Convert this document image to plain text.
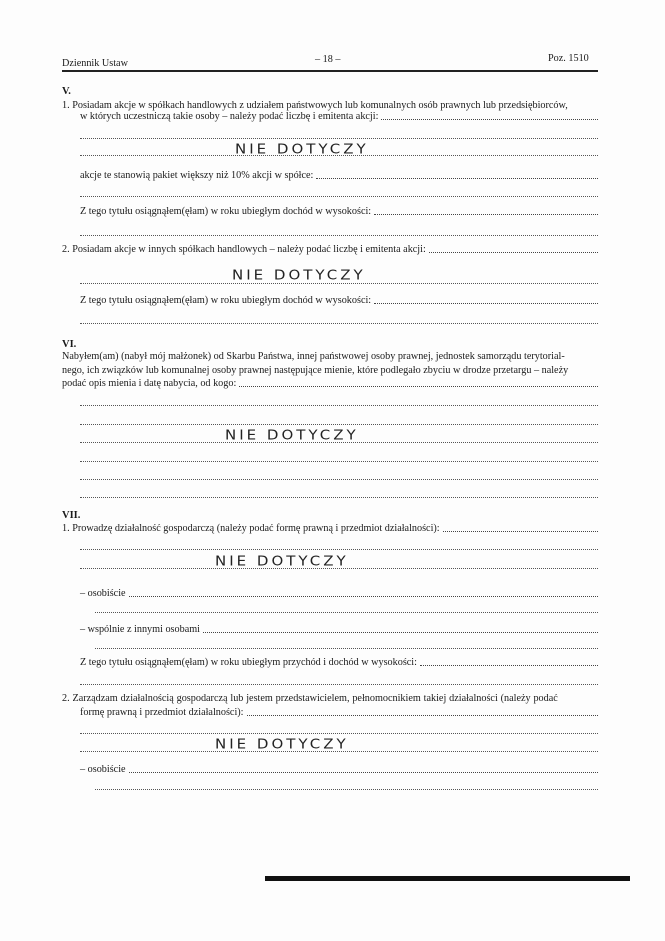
Dziennik Ustaw	– 18 –	Poz. 1510
V.
1. Posiadam akcje w spółkach handlowych z udziałem państwowych lub komunalnych osób prawnych lub przedsiębiorców,
w których uczestniczą takie osoby – należy podać liczbę i emitenta akcji:
NIE DOTYCZY
akcje te stanowią pakiet większy niż 10% akcji w spółce:
Z tego tytułu osiągnąłem(ęłam) w roku ubiegłym dochód w wysokości:
2. Posiadam akcje w innych spółkach handlowych – należy podać liczbę i emitenta akcji:
NIE DOTYCZY
Z tego tytułu osiągnąłem(ęłam) w roku ubiegłym dochód w wysokości:
VI.
Nabyłem(am) (nabył mój małżonek) od Skarbu Państwa, innej państwowej osoby prawnej, jednostek samorządu terytorial-
nego, ich związków lub komunalnej osoby prawnej następujące mienie, które podlegało zbyciu w drodze przetargu – należy
podać opis mienia i datę nabycia, od kogo:
NIE DOTYCZY
VII.
1. Prowadzę działalność gospodarczą (należy podać formę prawną i przedmiot działalności):
NIE DOTYCZY
– osobiście
– wspólnie z innymi osobami
Z tego tytułu osiągnąłem(ęłam) w roku ubiegłym przychód i dochód w wysokości:
2. Zarządzam działalnością gospodarczą lub jestem przedstawicielem, pełnomocnikiem takiej działalności (należy podać
formę prawną i przedmiot działalności):
NIE DOTYCZY
– osobiście
